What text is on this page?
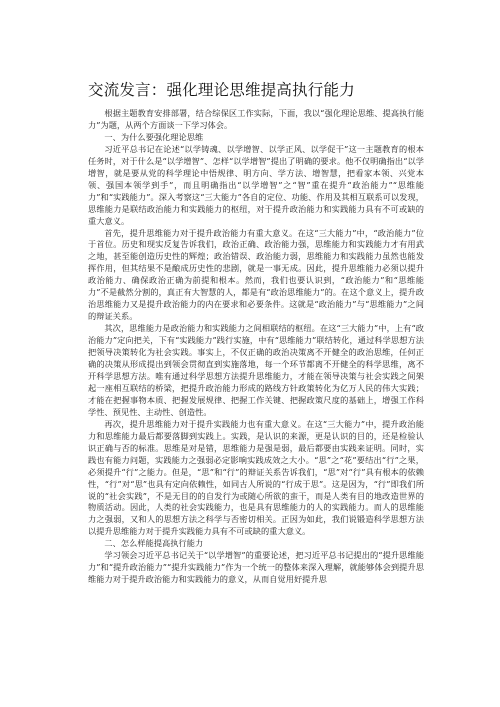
交流发言：强化理论思维提高执行能力

根据主题教育安排部署，结合综保区工作实际，下面，我以“强化理论思维、提高执行能力”为题，从两个方面谈一下学习体会。

一、为什么要强化理论思维

习近平总书记在论述“以学铸魂、以学增智、以学正风、以学促干”这一主题教育的根本任务时，对于什么是“以学增智”、怎样“以学增智”提出了明确的要求。他不仅明确指出“以学增智，就是要从党的科学理论中悟规律、明方向、学方法、增智慧，把看家本领、兴党本领、强国本领学到手”，而且明确指出“以学增智”之“智”重在提升“政治能力”“思维能力”和“实践能力”。深入考察这“三大能力”各自的定位、功能、作用及其相互联系可以发现，思维能力是联结政治能力和实践能力的枢纽，对于提升政治能力和实践能力具有不可或缺的重大意义。

首先，提升思维能力对于提升政治能力有重大意义。在这“三大能力”中，“政治能力”位于首位。历史和现实反复告诉我们，政治正确、政治能力强，思维能力和实践能力才有用武之地，甚至能创造历史性的辉煌；政治错误、政治能力弱，思维能力和实践能力虽然也能发挥作用，但其结果不是酿成历史性的悲剧，就是一事无成。因此，提升思维能力必须以提升政治能力、确保政治正确为前提和根本。然而，我们也要认识到，“政治能力”和“思维能力”不是截然分割的，真正有大智慧的人，都是有“政治思维能力”的。在这个意义上，提升政治思维能力又是提升政治能力的内在要求和必要条件。这就是“政治能力”与“思维能力”之间的辩证关系。

其次，思维能力是政治能力和实践能力之间相联结的枢纽。在这“三大能力”中，上有“政治能力”定向把关，下有“实践能力”践行实施，中有“思维能力”联结转化，通过科学思想方法把领导决策转化为社会实践。事实上，不仅正确的政治决策离不开健全的政治思维，任何正确的决策从形成提出到领会贯彻直到实施落地，每一个环节都离不开健全的科学思维，离不开科学思想方法。唯有通过科学思想方法提升思维能力，才能在领导决策与社会实践之间架起一座相互联结的桥梁，把提升政治能力形成的路线方针政策转化为亿万人民的伟大实践；才能在把握事物本质、把握发展规律、把握工作关键、把握政策尺度的基础上，增强工作科学性、预见性、主动性、创造性。

再次，提升思维能力对于提升实践能力也有重大意义。在这“三大能力”中，提升政治能力和思维能力最后都要落脚到实践上。实践，是认识的来源，更是认识的目的，还是检验认识正确与否的标准。思维是对是错，思维能力是强是弱，最后都要由实践来证明。同时，实践也有能力问题，实践能力之强弱必定影响实践成效之大小。“思”之“花”要结出“行”之果，必须提升“行”之能力。但是，“思”和“行”的辩证关系告诉我们，“思”对“行”具有根本的依赖性，“行”对“思”也具有定向依赖性，如同古人所说的“行成于思”。这是因为，“行”即我们所说的“社会实践”，不是无目的的自发行为或随心所欲的蛮干，而是人类有目的地改造世界的物质活动。因此，人类的社会实践能力，也是具有思维能力的人的实践能力。而人的思维能力之强弱，又和人的思想方法之科学与否密切相关。正因为如此，我们说锻造科学思想方法以提升思维能力对于提升实践能力具有不可或缺的重大意义。

二、怎么样能提高执行能力

学习领会习近平总书记关于“以学增智”的重要论述，把习近平总书记提出的“提升思维能力”和“提升政治能力”“提升实践能力”作为一个统一的整体来深入理解，就能够体会到提升思维能力对于提升政治能力和实践能力的意义，从而自觉用好提升思
